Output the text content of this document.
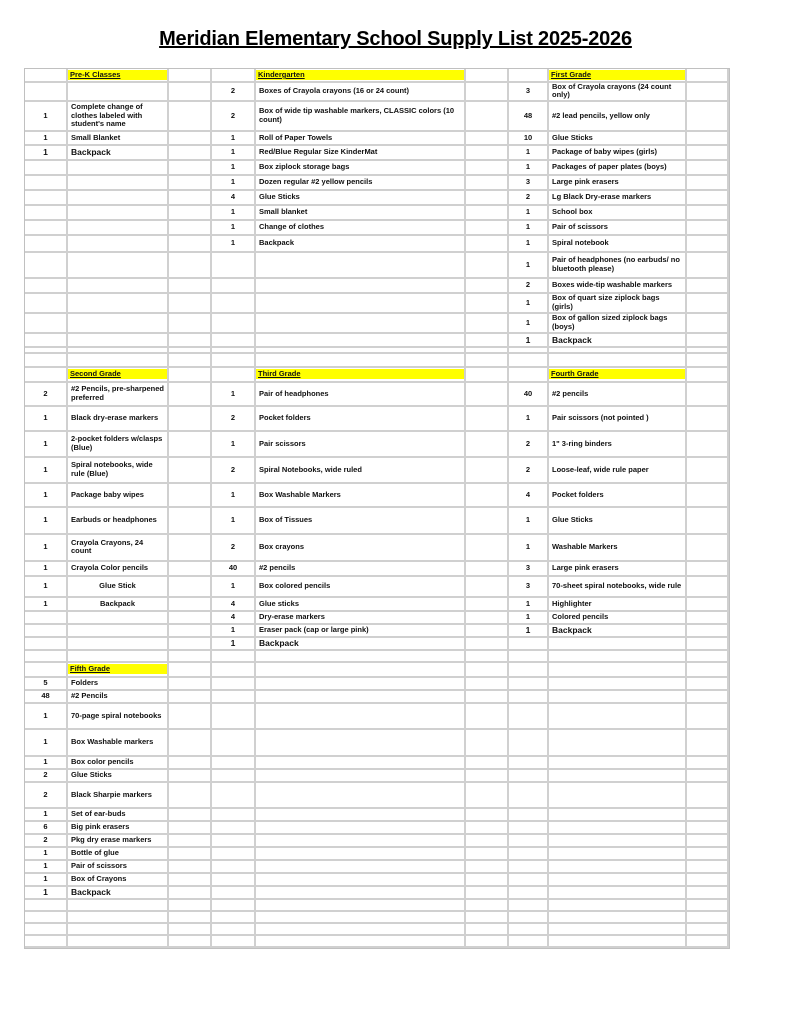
Meridian Elementary School Supply List 2025-2026

	Pre-K Classes			Kindergarten			First Grade	

			2	Boxes of Crayola crayons (16 or 24 count)		3	Box of Crayola crayons (24 count only)	
1	Complete change of clothes labeled with student's name		2	Box of wide tip washable markers, CLASSIC colors (10 count)		48	#2 lead pencils, yellow only	
1	Small Blanket		1	Roll of Paper Towels		10	Glue Sticks	
1	Backpack		1	Red/Blue Regular Size KinderMat		1	Package of baby wipes (girls)	
			1	Box ziplock storage bags		1	Packages of paper plates (boys)	
			1	Dozen regular #2 yellow pencils		3	Large pink erasers	
			4	Glue Sticks		2	Lg Black Dry-erase markers	
			1	Small blanket		1	School box	
			1	Change of clothes		1	Pair of scissors	
			1	Backpack		1	Spiral notebook	
						1	Pair of headphones (no earbuds/ no bluetooth please)	
						2	Boxes wide-tip washable markers	
						1	Box of quart size ziplock bags (girls)	
						1	Box of gallon sized ziplock bags (boys)	
						1	Backpack	

	Second Grade			Third Grade			Fourth Grade	

2	#2 Pencils, pre-sharpened preferred		1	Pair of headphones		40	#2 pencils	
1	Black dry-erase markers		2	Pocket folders		1	Pair scissors (not pointed )	
1	2-pocket folders w/clasps (Blue)		1	Pair scissors		2	1" 3-ring binders	
1	Spiral notebooks, wide rule (Blue)		2	Spiral Notebooks, wide ruled		2	Loose-leaf, wide rule paper	
1	Package baby wipes		1	Box Washable Markers		4	Pocket folders	
1	Earbuds or headphones		1	Box of Tissues		1	Glue Sticks	
1	Crayola Crayons, 24 count		2	Box crayons		1	Washable Markers	
1	Crayola Color pencils		40	#2 pencils		3	Large pink erasers	
1	Glue Stick		1	Box colored pencils		3	70-sheet spiral notebooks, wide rule	
1	Backpack		4	Glue sticks		1	Highlighter	
			4	Dry-erase markers		1	Colored pencils	
			1	Eraser pack (cap or large pink)		1	Backpack	
			1	Backpack				

	Fifth Grade							

5	Folders							
48	#2 Pencils							
1	70-page spiral notebooks							
1	Box Washable markers							
1	Box color pencils							
2	Glue Sticks							
2	Black Sharpie markers							
1	Set of ear-buds							
6	Big pink erasers							
2	Pkg dry erase markers							
1	Bottle of glue							
1	Pair of scissors							
1	Box of Crayons							
1	Backpack							
